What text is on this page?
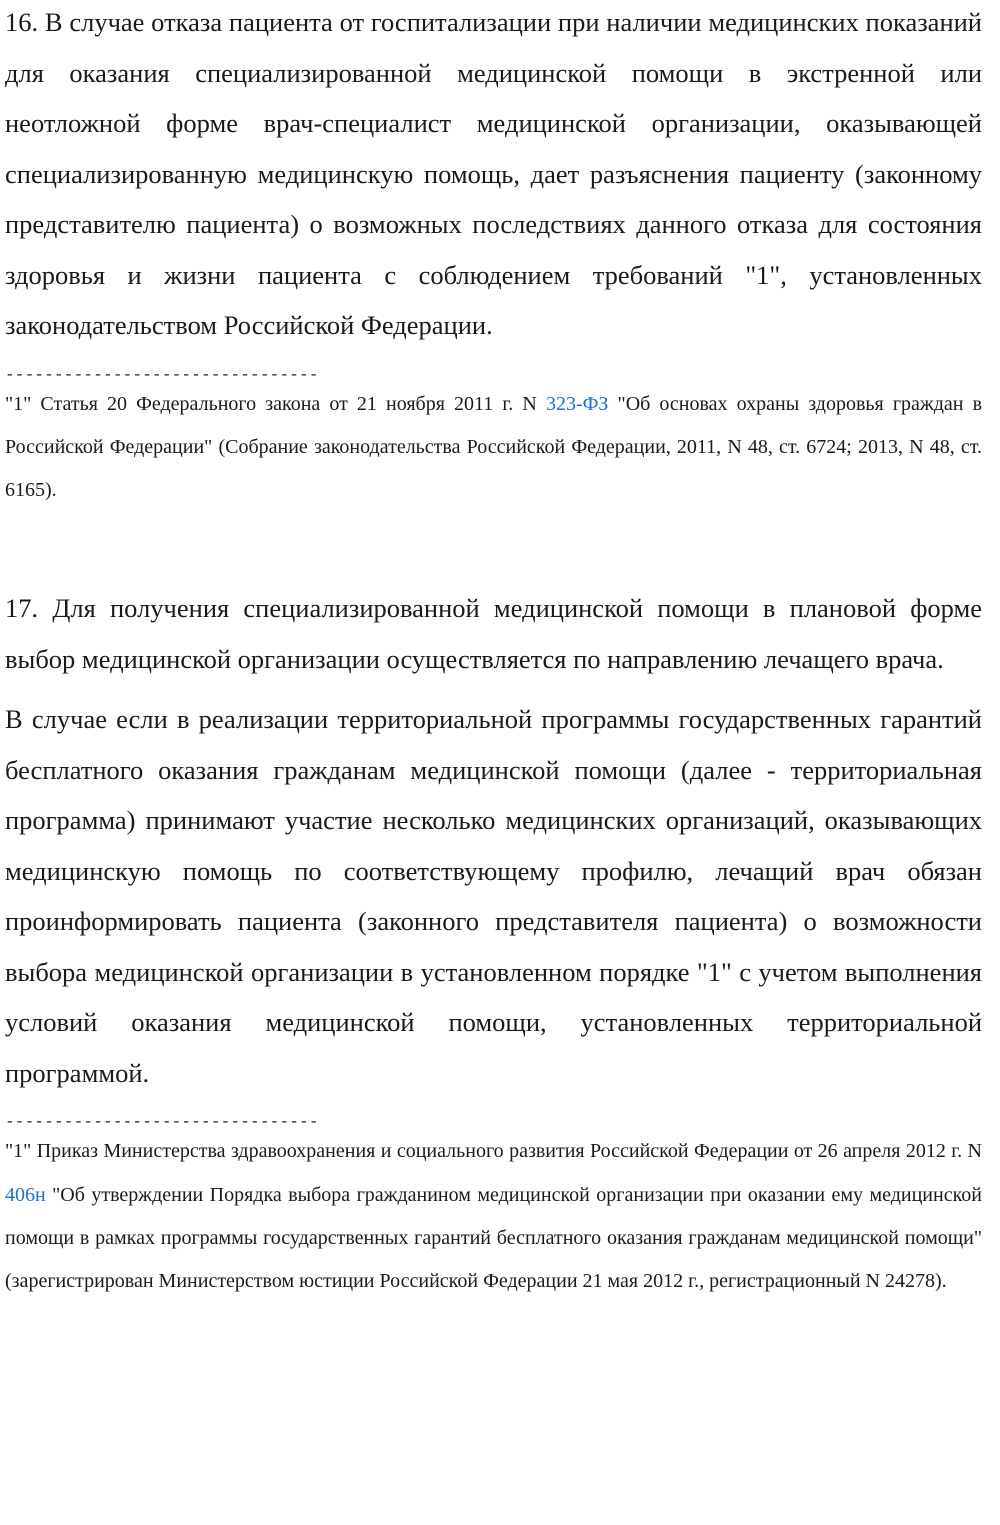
16. В случае отказа пациента от госпитализации при наличии медицинских показаний для оказания специализированной медицинской помощи в экстренной или неотложной форме врач-специалист медицинской организации, оказывающей специализированную медицинскую помощь, дает разъяснения пациенту (законному представителю пациента) о возможных последствиях данного отказа для состояния здоровья и жизни пациента с соблюдением требований "1", установленных законодательством Российской Федерации.

--------------------------------

"1" Статья 20 Федерального закона от 21 ноября 2011 г. N 323-ФЗ "Об основах охраны здоровья граждан в Российской Федерации" (Собрание законодательства Российской Федерации, 2011, N 48, ст. 6724; 2013, N 48, ст. 6165).

17. Для получения специализированной медицинской помощи в плановой форме выбор медицинской организации осуществляется по направлению лечащего врача.

В случае если в реализации территориальной программы государственных гарантий бесплатного оказания гражданам медицинской помощи (далее - территориальная программа) принимают участие несколько медицинских организаций, оказывающих медицинскую помощь по соответствующему профилю, лечащий врач обязан проинформировать пациента (законного представителя пациента) о возможности выбора медицинской организации в установленном порядке "1" с учетом выполнения условий оказания медицинской помощи, установленных территориальной программой.

--------------------------------

"1" Приказ Министерства здравоохранения и социального развития Российской Федерации от 26 апреля 2012 г. N 406н "Об утверждении Порядка выбора гражданином медицинской организации при оказании ему медицинской помощи в рамках программы государственных гарантий бесплатного оказания гражданам медицинской помощи" (зарегистрирован Министерством юстиции Российской Федерации 21 мая 2012 г., регистрационный N 24278).
